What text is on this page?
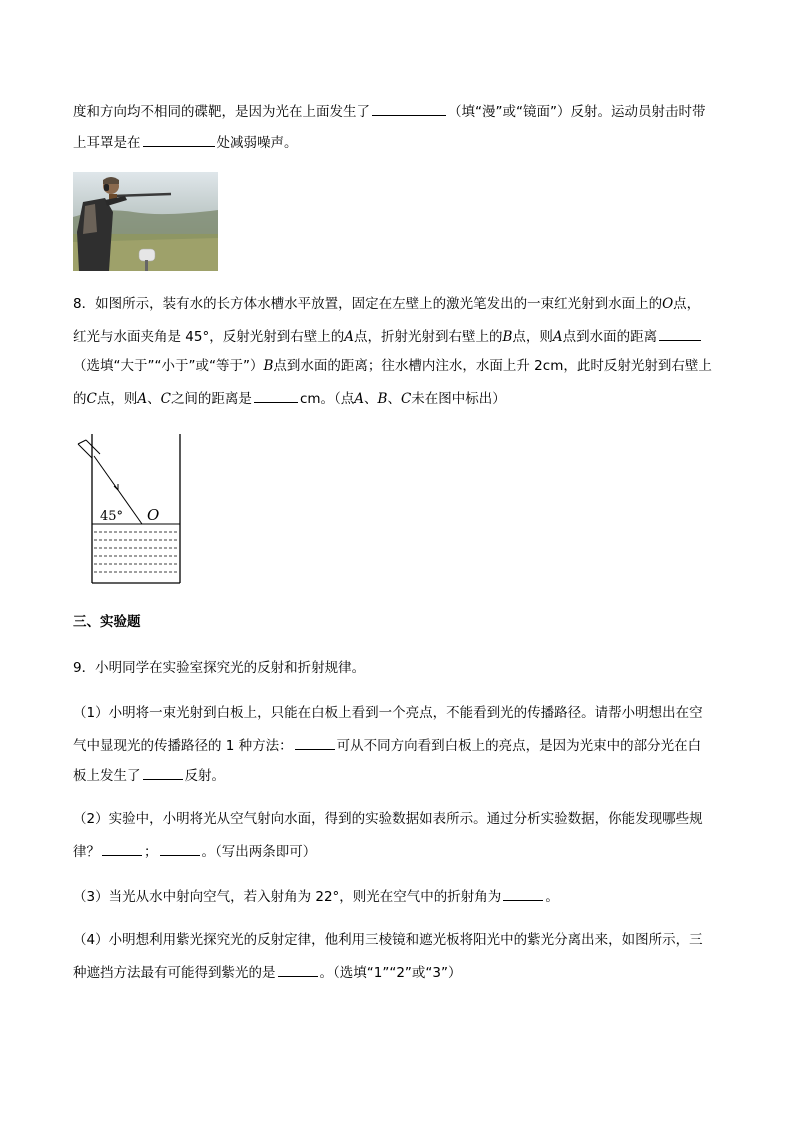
度和方向均不相同的碟靶，是因为光在上面发生了	（填“漫”或“镜面”）反射。运动员射击时带
上耳罩是在	处减弱噪声。
8．如图所示，装有水的长方体水槽水平放置，固定在左壁上的激光笔发出的一束红光射到水面上的O点，
红光与水面夹角是 45°，反射光射到右壁上的A点，折射光射到右壁上的B点，则A点到水面的距离
（选填“大于”“小于”或“等于”）B点到水面的距离；往水槽内注水，水面上升 2cm，此时反射光射到右壁上
的C点，则A、C之间的距离是	cm。（点A、B、C未在图中标出）
45° O
三、实验题
9．小明同学在实验室探究光的反射和折射规律。
（1）小明将一束光射到白板上，只能在白板上看到一个亮点，不能看到光的传播路径。请帮小明想出在空
气中显现光的传播路径的 1 种方法：	可从不同方向看到白板上的亮点，是因为光束中的部分光在白
板上发生了	反射。
（2）实验中，小明将光从空气射向水面，得到的实验数据如表所示。通过分析实验数据，你能发现哪些规
律？	；	。（写出两条即可）
（3）当光从水中射向空气，若入射角为 22°，则光在空气中的折射角为	。
（4）小明想利用紫光探究光的反射定律，他利用三棱镜和遮光板将阳光中的紫光分离出来，如图所示，三
种遮挡方法最有可能得到紫光的是	。（选填“1”“2”或“3”）
